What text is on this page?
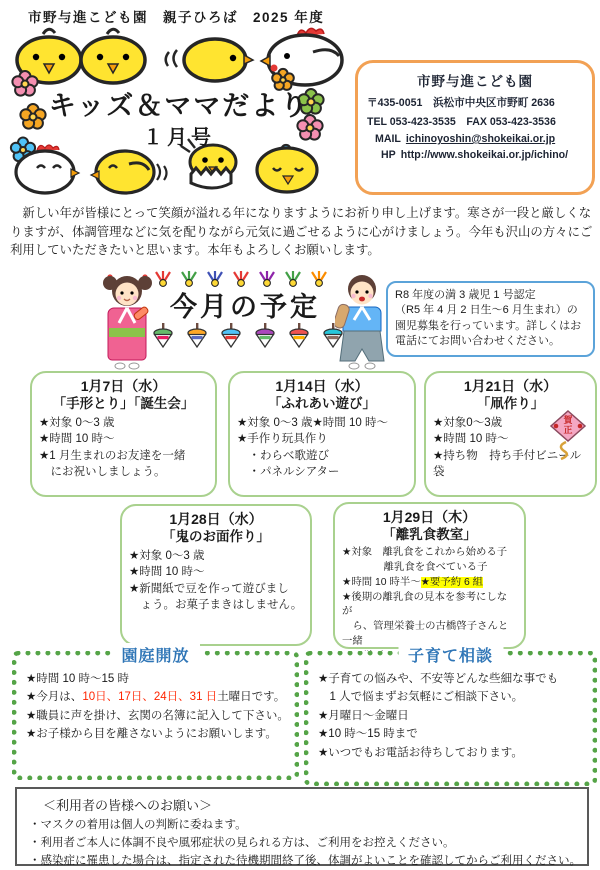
市野与進こども園　親子ひろば　2025 年度
キッズ＆ママだより
１月号
市野与進こども園
〒435-0051　浜松市中央区市野町 2636
TEL 053-423-3535　FAX 053-423-3536
MAIL ichinoyoshin@shokeikai.or.jp
HP http://www.shokeikai.or.jp/ichino/
　新しい年が皆様にとって笑顔が溢れる年になりますようにお祈り申し上げます。寒さが一段と厳しくなりますが、体調管理などに気を配りながら元気に過ごせるように心がけましょう。今年も沢山の方々にご利用していただきたいと思います。本年もよろしくお願いします。
今月の予定	R8 年度の満 3 歳児 1 号認定
（R5 年 4 月 2 日生～6 月生まれ）の園児募集を行っています。詳しくはお電話にてお問い合わせください。
1月7日（水）
「手形とり」「誕生会」
★対象 0～3 歳
★時間 10 時～
★1 月生まれのお友達を一緒
　にお祝いしましょう。
1月14日（水）
「ふれあい遊び」
★対象 0～3 歳★時間 10 時～
★手作り玩具作り
　・わらべ歌遊び
　・パネルシアター
1月21日（水）
「凧作り」
★対象0～3歳
★時間 10 時～
★持ち物　持ち手付ビニール袋
賀
正
1月28日（水）
「鬼のお面作り」
★対象 0～3 歳
★時間 10 時～
★新聞紙で豆を作って遊びまし
　ょう。お菓子まきはしません。
1月29日（木）
「離乳食教室」
★対象　離乳食をこれから始める子
　　　　離乳食を食べている子
★時間 10 時半～★要予約 6 組
★後期の離乳食の見本を参考にしなが
　ら、管理栄養士の古橋啓子さんと一緒
園庭開放
★時間 10 時～15 時
★今月は、10日、17日、24日、31 日土曜日です。
★職員に声を掛け、玄関の名簿に記入して下さい。
★お子様から目を離さないようにお願いします。
子育て相談
★子育ての悩みや、不安等どんな些細な事でも
　1 人で悩まずお気軽にご相談下さい。
★月曜日～金曜日
★10 時～15 時まで
★いつでもお電話お待ちしております。
＜利用者の皆様へのお願い＞
・マスクの着用は個人の判断に委ねます。
・利用者ご本人に体調不良や風邪症状の見られる方は、ご利用をお控えください。
・感染症に罹患した場合は、指定された待機期間終了後、体調がよいことを確認してからご利用ください。
